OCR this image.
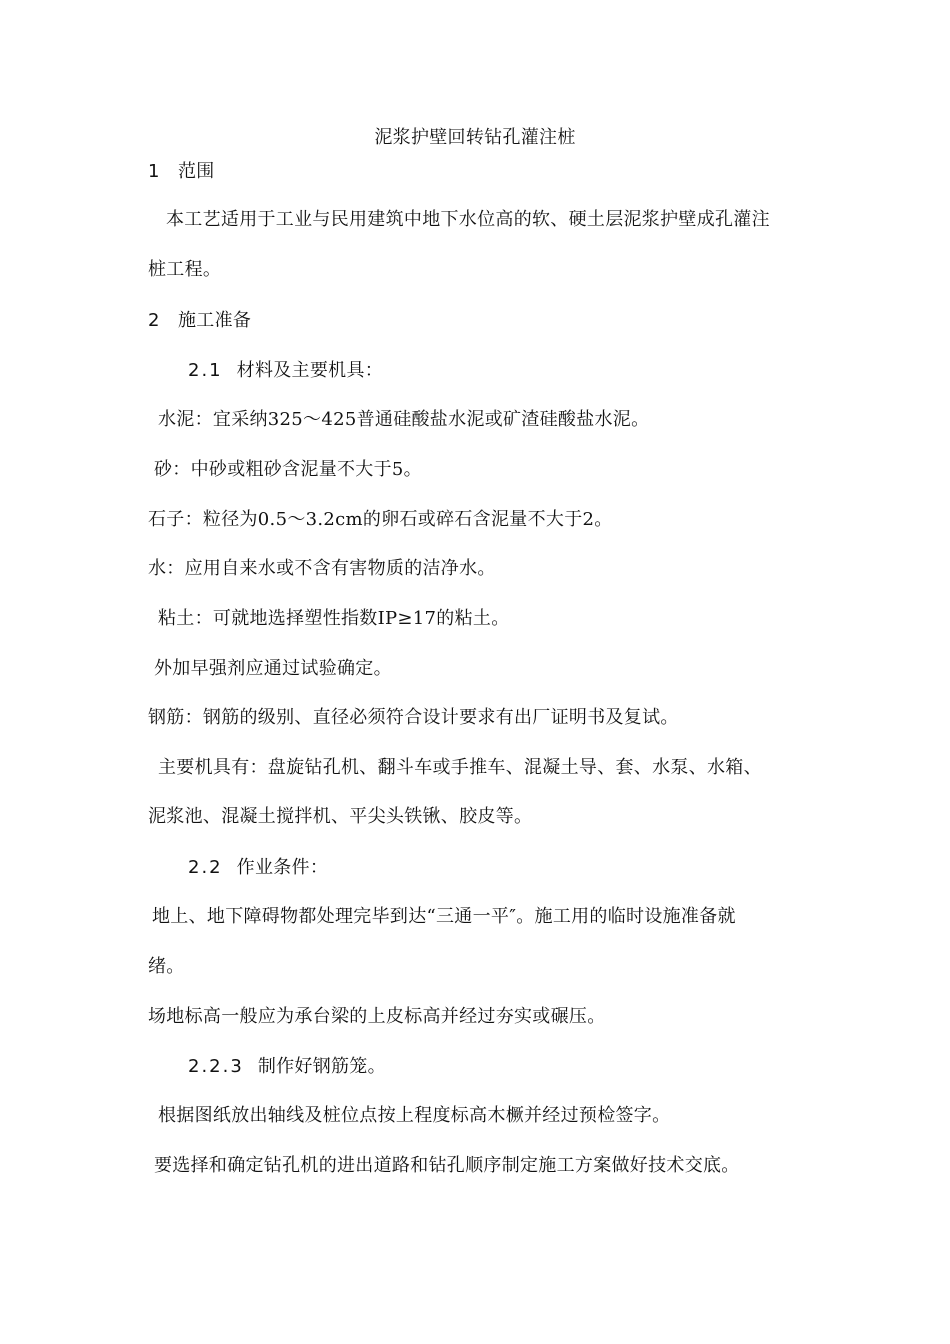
泥浆护壁回转钻孔灌注桩
1 范围
本工艺适用于工业与民用建筑中地下水位高的软、硬土层泥浆护壁成孔灌注
桩工程。
2 施工准备
2.1 材料及主要机具：
水泥：宜采纳325～425普通硅酸盐水泥或矿渣硅酸盐水泥。
砂：中砂或粗砂含泥量不大于5。
石子：粒径为0.5～3.2cm的卵石或碎石含泥量不大于2。
水：应用自来水或不含有害物质的洁净水。
粘土：可就地选择塑性指数IP≥17的粘土。
外加早强剂应通过试验确定。
钢筋：钢筋的级别、直径必须符合设计要求有出厂证明书及复试。
主要机具有：盘旋钻孔机、翻斗车或手推车、混凝土导、套、水泵、水箱、
泥浆池、混凝土搅拌机、平尖头铁锹、胶皮等。
2.2 作业条件：
地上、地下障碍物都处理完毕到达“三通一平″。施工用的临时设施准备就
绪。
场地标高一般应为承台梁的上皮标高并经过夯实或碾压。
2.2.3 制作好钢筋笼。
根据图纸放出轴线及桩位点按上程度标高木橛并经过预检签字。
要选择和确定钻孔机的进出道路和钻孔顺序制定施工方案做好技术交底。
